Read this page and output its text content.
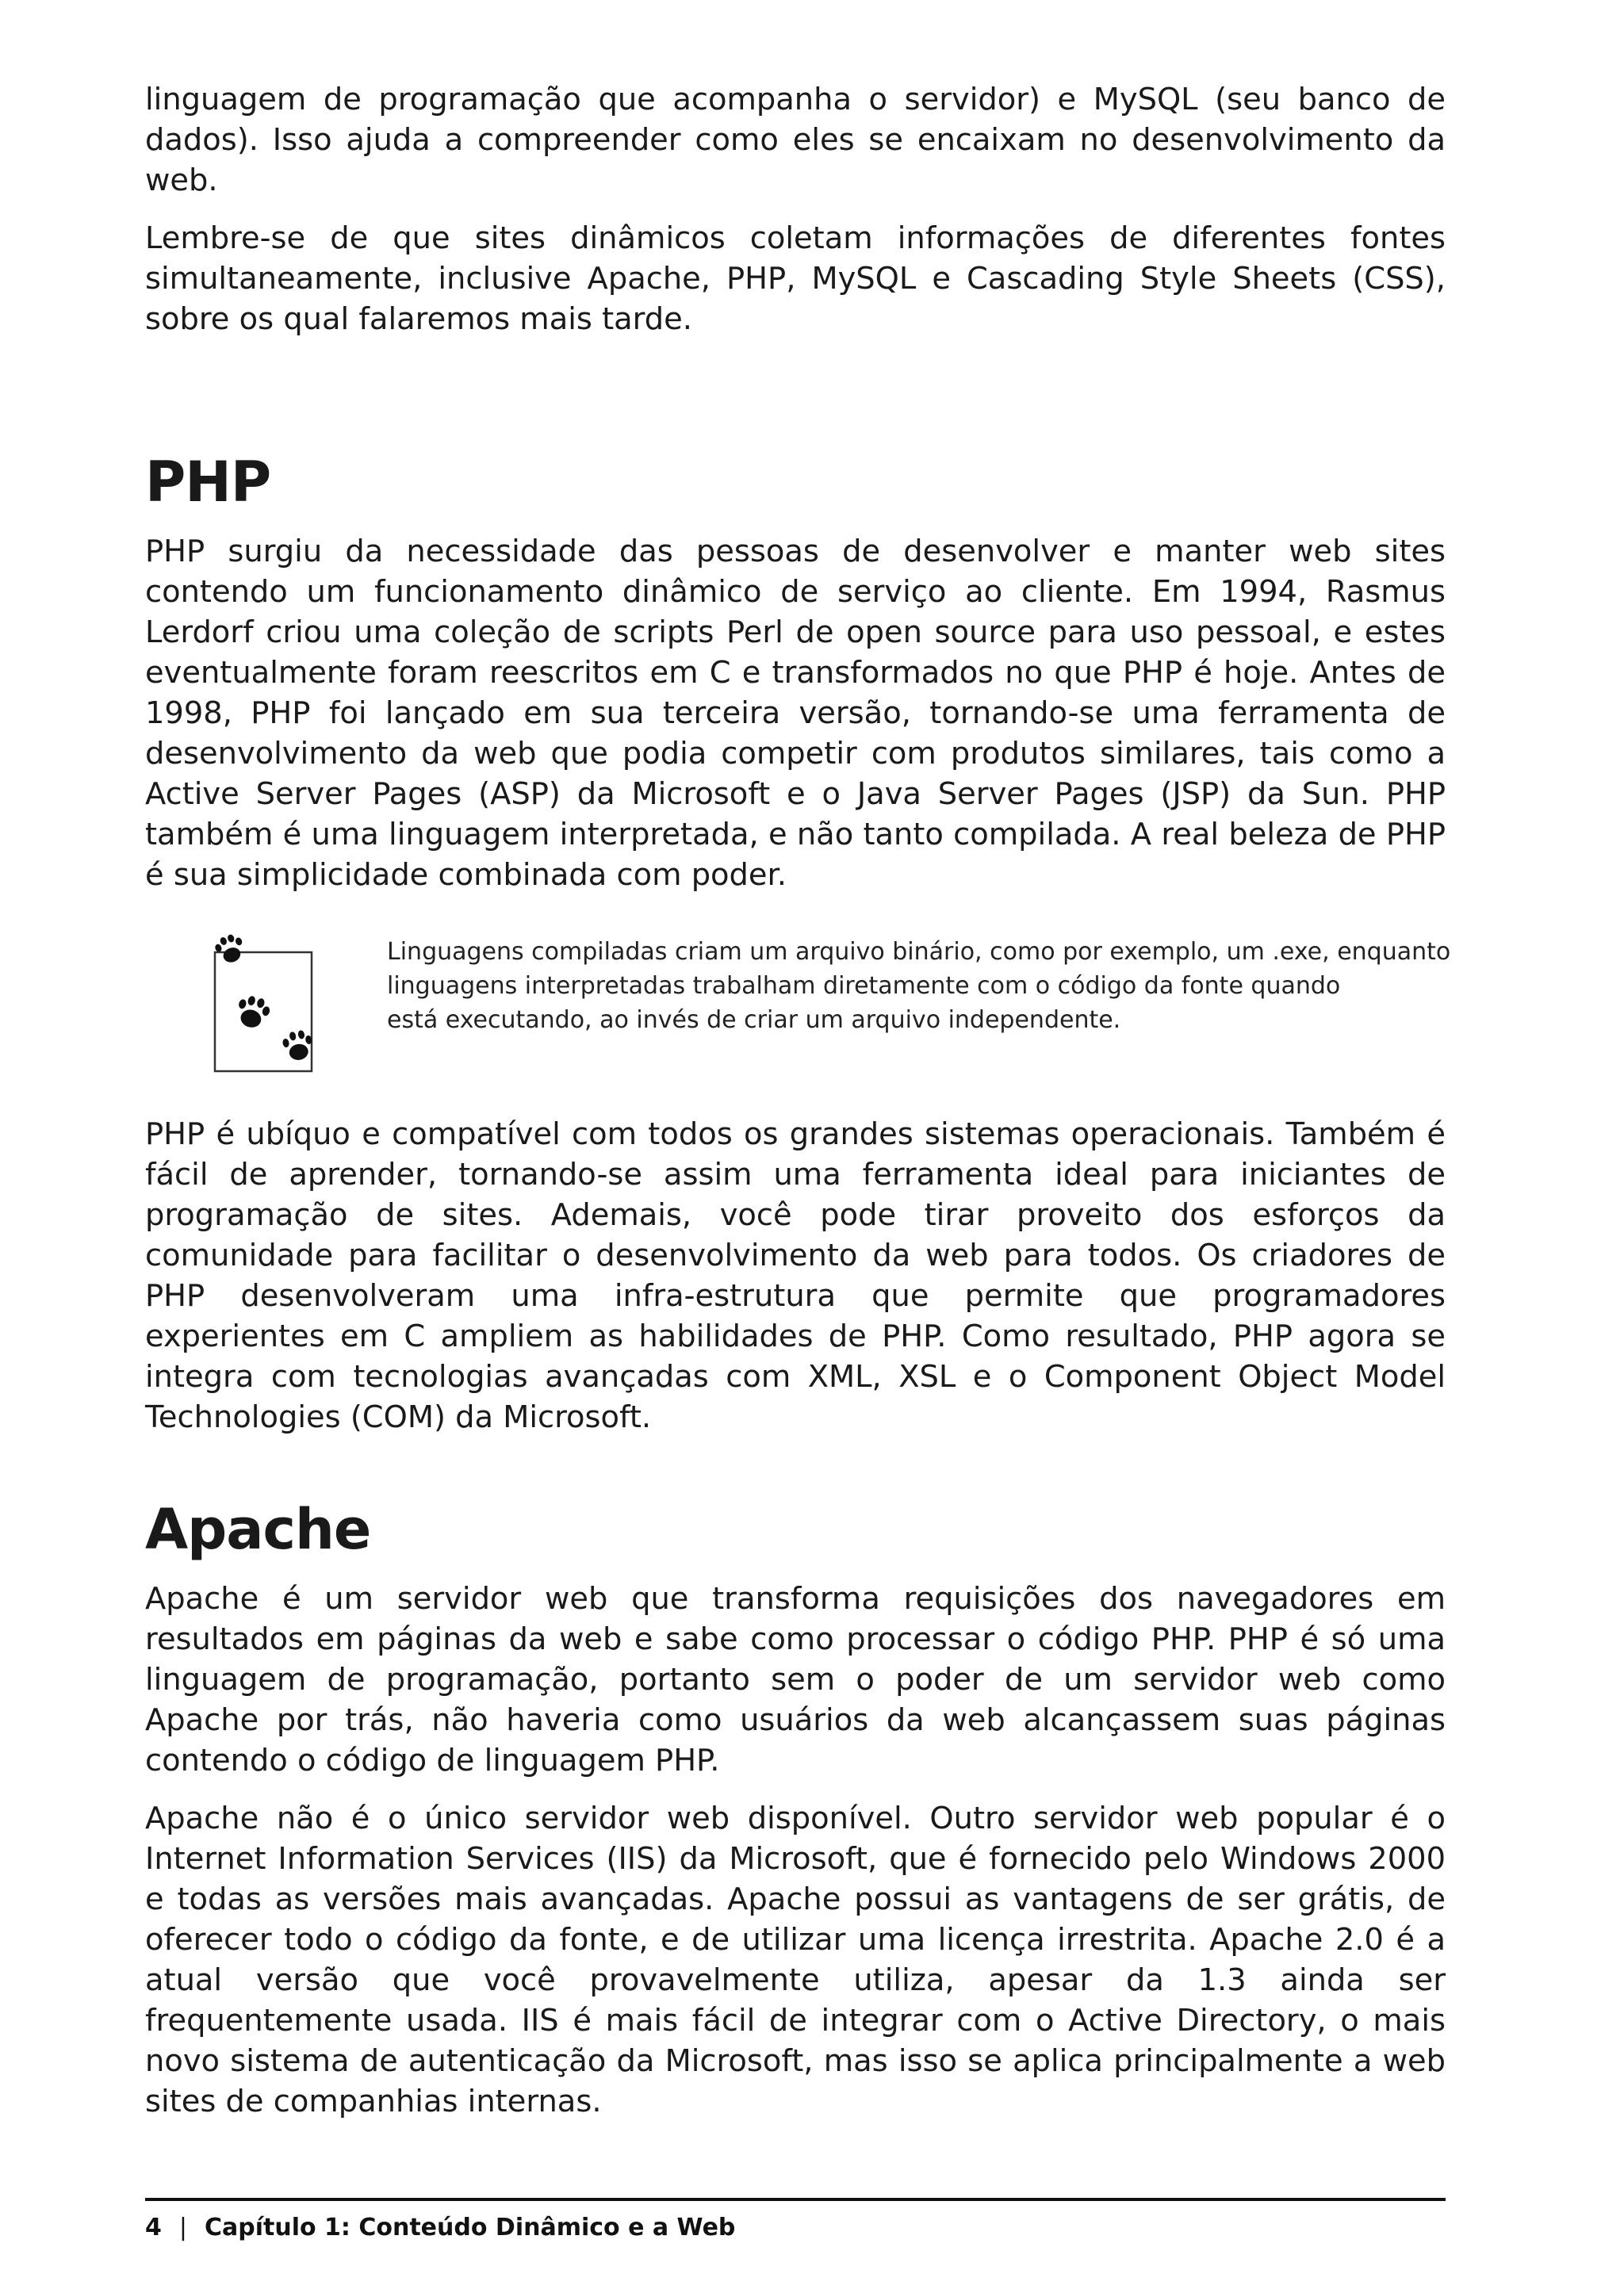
linguagem de programação que acompanha o servidor) e MySQL (seu banco de dados). Isso ajuda a compreender como eles se encaixam no desenvolvimento da web.

Lembre-se de que sites dinâmicos coletam informações de diferentes fontes simultaneamente, inclusive Apache, PHP, MySQL e Cascading Style Sheets (CSS), sobre os qual falaremos mais tarde.

PHP

PHP surgiu da necessidade das pessoas de desenvolver e manter web sites contendo um funcionamento dinâmico de serviço ao cliente. Em 1994, Rasmus Lerdorf criou uma coleção de scripts Perl de open source para uso pessoal, e estes eventualmente foram reescritos em C e transformados no que PHP é hoje. Antes de 1998, PHP foi lançado em sua terceira versão, tornando-se uma ferramenta de desenvolvimento da web que podia competir com produtos similares, tais como a Active Server Pages (ASP) da Microsoft e o Java Server Pages (JSP) da Sun. PHP também é uma linguagem interpretada, e não tanto compilada. A real beleza de PHP é sua simplicidade combinada com poder.

Linguagens compiladas criam um arquivo binário, como por exemplo, um .exe, enquanto
linguagens interpretadas trabalham diretamente com o código da fonte quando
está executando, ao invés de criar um arquivo independente.

PHP é ubíquo e compatível com todos os grandes sistemas operacionais. Também é fácil de aprender, tornando-se assim uma ferramenta ideal para iniciantes de programação de sites. Ademais, você pode tirar proveito dos esforços da comunidade para facilitar o desenvolvimento da web para todos. Os criadores de PHP desenvolveram uma infra-estrutura que permite que programadores experientes em C ampliem as habilidades de PHP. Como resultado, PHP agora se integra com tecnologias avançadas com XML, XSL e o Component Object Model Technologies (COM) da Microsoft.

Apache

Apache é um servidor web que transforma requisições dos navegadores em resultados em páginas da web e sabe como processar o código PHP. PHP é só uma linguagem de programação, portanto sem o poder de um servidor web como Apache por trás, não haveria como usuários da web alcançassem suas páginas contendo o código de linguagem PHP.

Apache não é o único servidor web disponível. Outro servidor web popular é o Internet Information Services (IIS) da Microsoft, que é fornecido pelo Windows 2000 e todas as versões mais avançadas. Apache possui as vantagens de ser grátis, de oferecer todo o código da fonte, e de utilizar uma licença irrestrita. Apache 2.0 é a atual versão que você provavelmente utiliza, apesar da 1.3 ainda ser frequentemente usada. IIS é mais fácil de integrar com o Active Directory, o mais novo sistema de autenticação da Microsoft, mas isso se aplica principalmente a web sites de companhias internas.

4 | Capítulo 1: Conteúdo Dinâmico e a Web
